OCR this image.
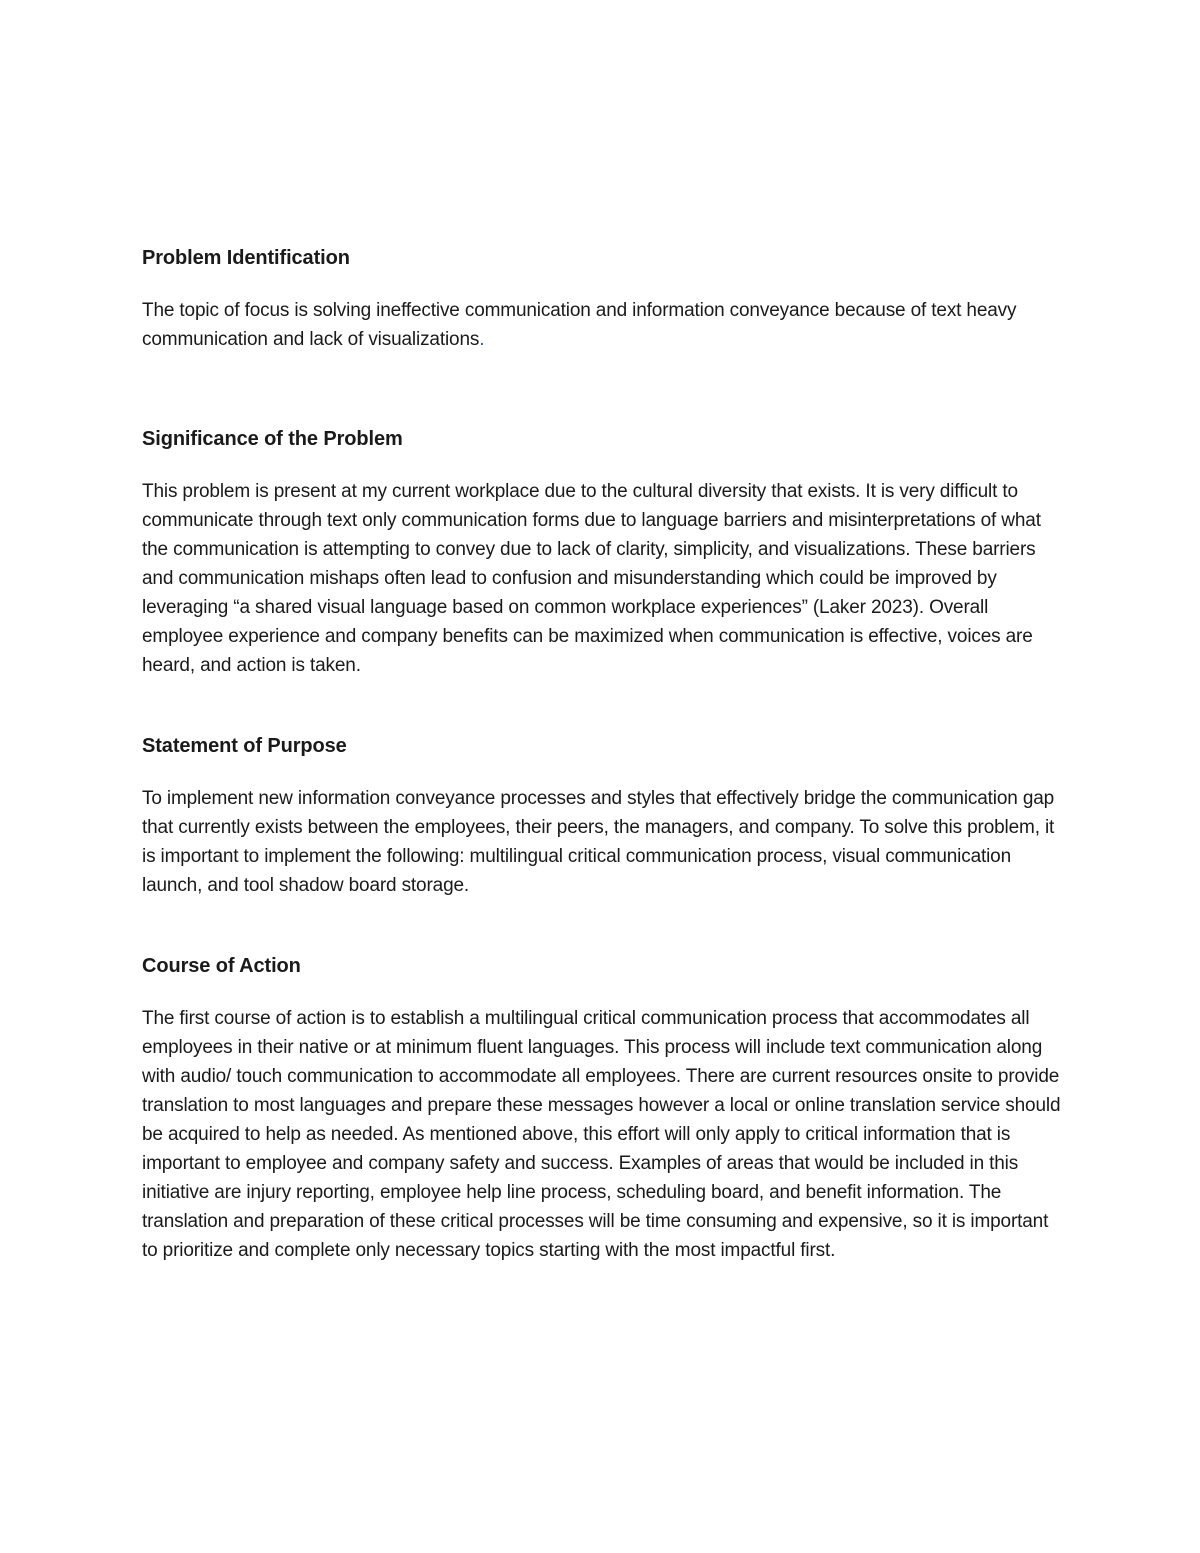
Problem Identification

The topic of focus is solving ineffective communication and information conveyance because of text heavy communication and lack of visualizations.

Significance of the Problem

This problem is present at my current workplace due to the cultural diversity that exists. It is very difficult to communicate through text only communication forms due to language barriers and misinterpretations of what the communication is attempting to convey due to lack of clarity, simplicity, and visualizations. These barriers and communication mishaps often lead to confusion and misunderstanding which could be improved by leveraging “a shared visual language based on common workplace experiences” (Laker 2023). Overall employee experience and company benefits can be maximized when communication is effective, voices are heard, and action is taken.

Statement of Purpose

To implement new information conveyance processes and styles that effectively bridge the communication gap that currently exists between the employees, their peers, the managers, and company. To solve this problem, it is important to implement the following: multilingual critical communication process, visual communication launch, and tool shadow board storage.

Course of Action

The first course of action is to establish a multilingual critical communication process that accommodates all employees in their native or at minimum fluent languages. This process will include text communication along with audio/ touch communication to accommodate all employees. There are current resources onsite to provide translation to most languages and prepare these messages however a local or online translation service should be acquired to help as needed. As mentioned above, this effort will only apply to critical information that is important to employee and company safety and success. Examples of areas that would be included in this initiative are injury reporting, employee help line process, scheduling board, and benefit information. The translation and preparation of these critical processes will be time consuming and expensive, so it is important to prioritize and complete only necessary topics starting with the most impactful first.
